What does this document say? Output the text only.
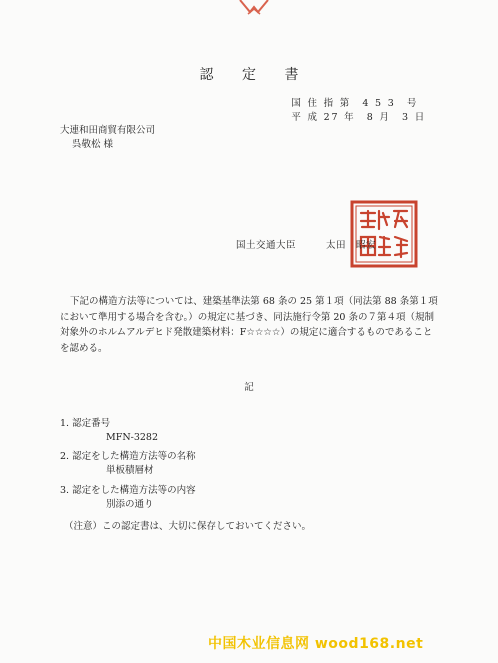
認 定 書
国 住 指 第　4 5 3　号
平 成 27 年　8 月　3 日
大連和田商貿有限公司
呉敬松 様
国土交通大臣　　　太田　昭宏
下記の構造方法等については、建築基準法第 68 条の 25 第１項（同法第 88 条第１項において準用する場合を含む。）の規定に基づき、同法施行令第 20 条の７第４項（規制対象外のホルムアルデヒド発散建築材料：F☆☆☆☆）の規定に適合するものであることを認める。
記
1. 認定番号
MFN-3282
2. 認定をした構造方法等の名称
単板積層材
3. 認定をした構造方法等の内容
別添の通り
（注意）この認定書は、大切に保存しておいてください。
中国木业信息网 wood168.net
